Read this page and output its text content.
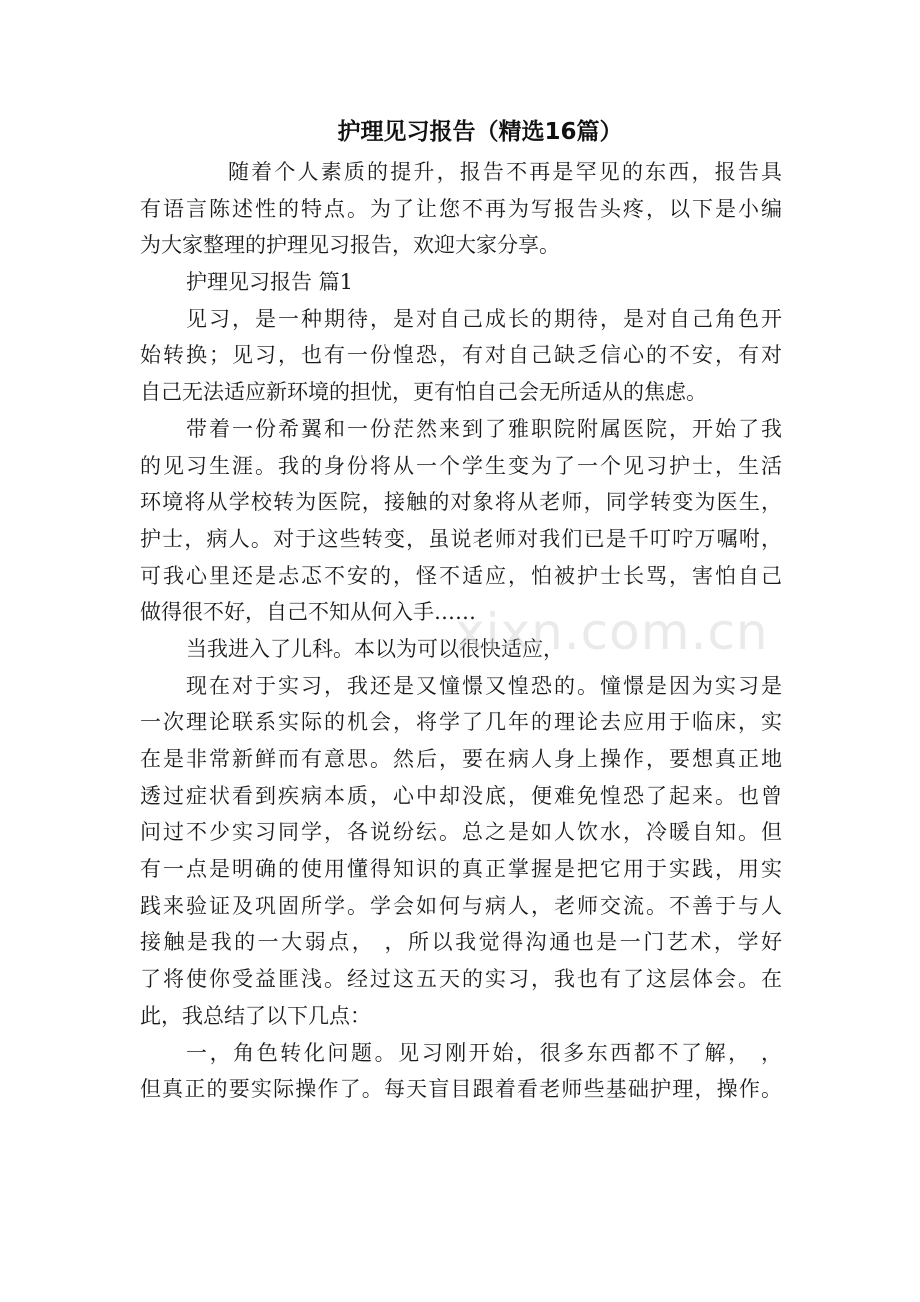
护理见习报告（精选16篇）
随着个人素质的提升，报告不再是罕见的东西，报告具
有语言陈述性的特点。为了让您不再为写报告头疼，以下是小编
为大家整理的护理见习报告，欢迎大家分享。
护理见习报告 篇1
见习，是一种期待，是对自己成长的期待，是对自己角色开
始转换；见习，也有一份惶恐，有对自己缺乏信心的不安，有对
自己无法适应新环境的担忧，更有怕自己会无所适从的焦虑。
带着一份希翼和一份茫然来到了雅职院附属医院，开始了我
的见习生涯。我的身份将从一个学生变为了一个见习护士，生活
环境将从学校转为医院，接触的对象将从老师，同学转变为医生，
护士，病人。对于这些转变，虽说老师对我们已是千叮咛万嘱咐，
可我心里还是忐忑不安的，怪不适应，怕被护士长骂，害怕自己
做得很不好，自己不知从何入手……
当我进入了儿科。本以为可以很快适应，
现在对于实习，我还是又憧憬又惶恐的。憧憬是因为实习是
一次理论联系实际的机会，将学了几年的理论去应用于临床，实
在是非常新鲜而有意思。然后，要在病人身上操作，要想真正地
透过症状看到疾病本质，心中却没底，便难免惶恐了起来。也曾
问过不少实习同学，各说纷纭。总之是如人饮水，冷暖自知。但
有一点是明确的使用懂得知识的真正掌握是把它用于实践，用实
践来验证及巩固所学。学会如何与病人，老师交流。不善于与人
接触是我的一大弱点， ，所以我觉得沟通也是一门艺术，学好
了将使你受益匪浅。经过这五天的实习，我也有了这层体会。在
此，我总结了以下几点：
一，角色转化问题。见习刚开始，很多东西都不了解， ，
但真正的要实际操作了。每天盲目跟着看老师些基础护理，操作。
xixn.com.cn
